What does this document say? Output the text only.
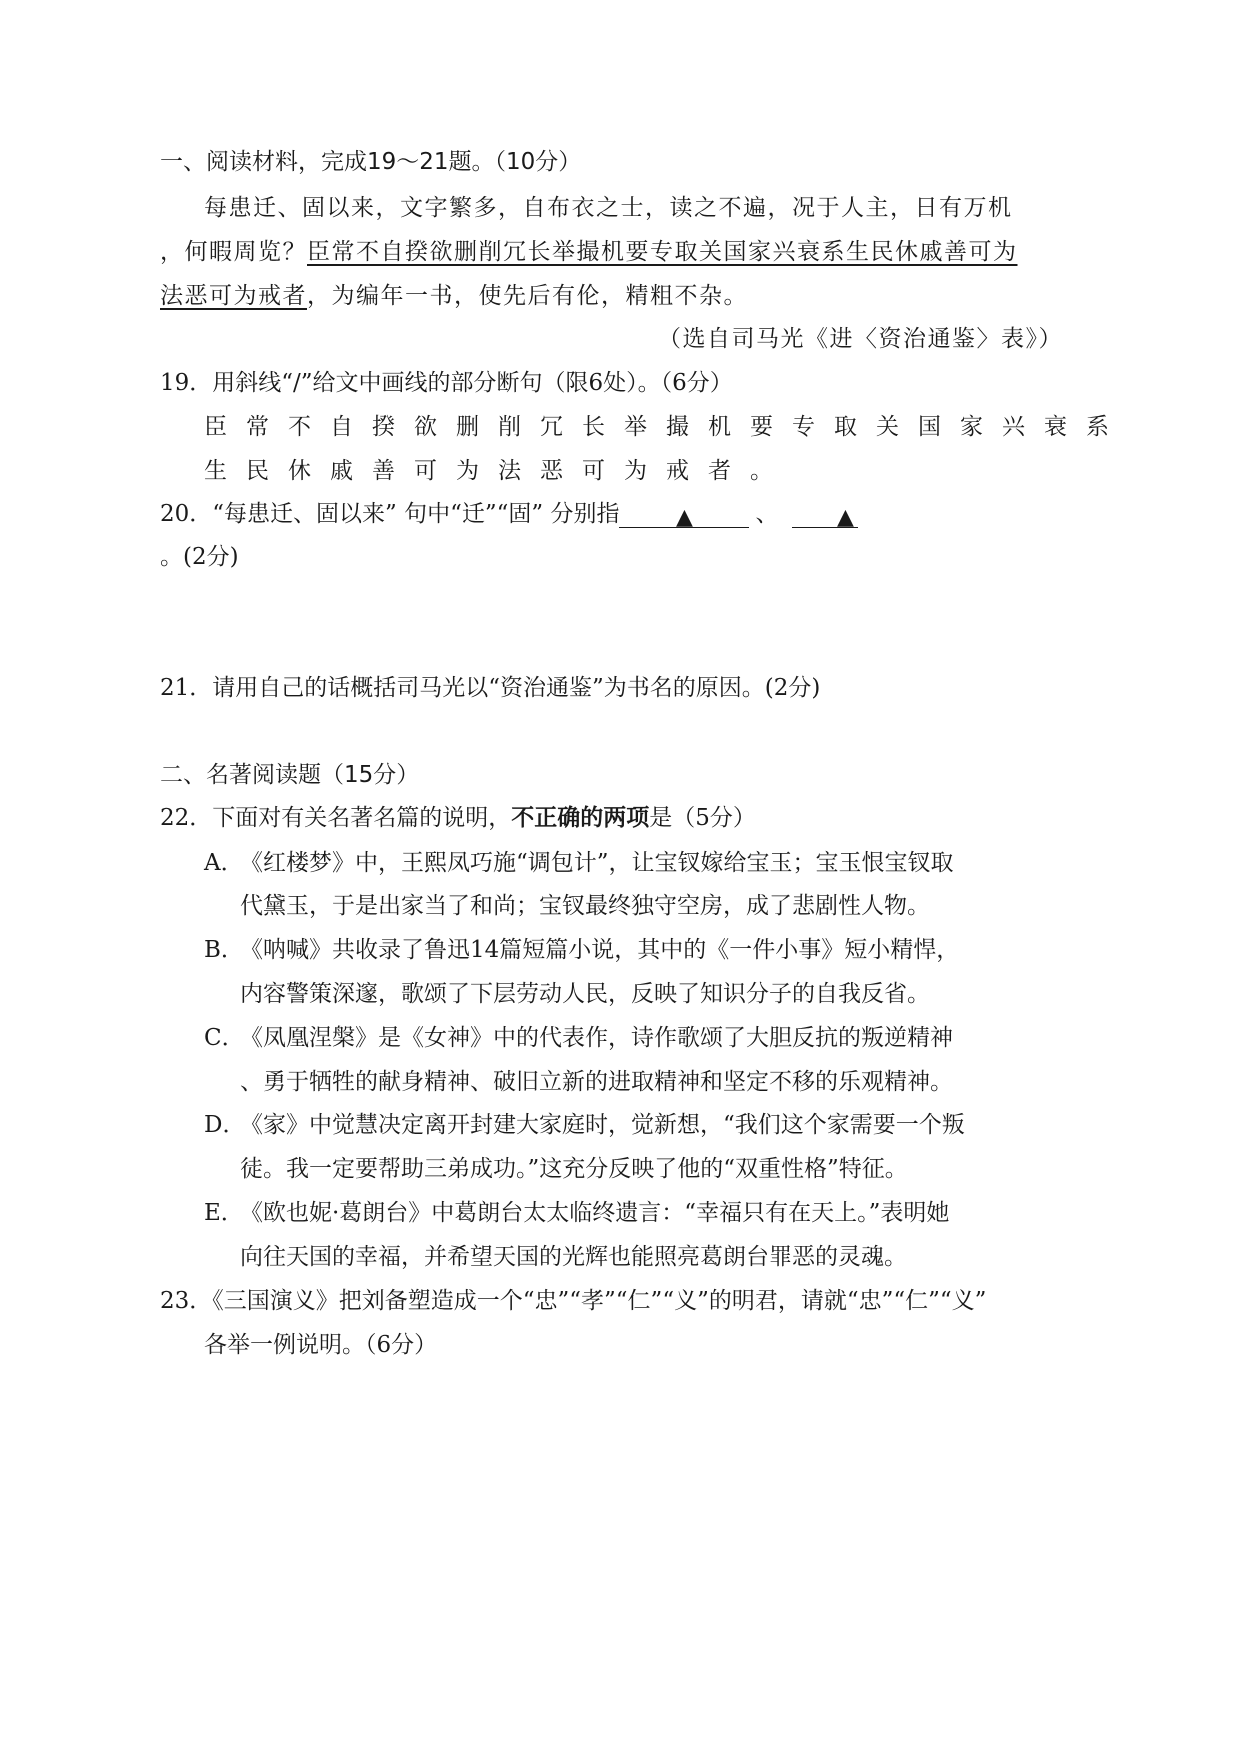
一、阅读材料，完成19～21题。（10分）
每患迁、固以来，文字繁多，自布衣之士，读之不遍，况于人主，日有万机
，何暇周览？臣常不自揆欲删削冗长举撮机要专取关国家兴衰系生民休戚善可为
法恶可为戒者，为编年一书，使先后有伦，精粗不杂。
（选自司马光《进〈资治通鉴〉表》）
19．用斜线“/”给文中画线的部分断句（限6处）。（6分）
臣常不自揆欲删削冗长举撮机要专取关国家兴衰系
生民休戚善可为法恶可为戒者。
20．“每患迁、固以来” 句中“迁”“固” 分别指	▲	、	▲
。(2分)
21．请用自己的话概括司马光以“资治通鉴”为书名的原因。(2分)
二、名著阅读题（15分）
22．下面对有关名著名篇的说明，不正确的两项是（5分）
A．
《红楼梦》中，王熙凤巧施“调包计”，让宝钗嫁给宝玉；宝玉恨宝钗取
代黛玉，于是出家当了和尚；宝钗最终独守空房，成了悲剧性人物。
B．
《呐喊》共收录了鲁迅14篇短篇小说，其中的《一件小事》短小精悍，
内容警策深邃，歌颂了下层劳动人民，反映了知识分子的自我反省。
C．
《凤凰涅槃》是《女神》中的代表作，诗作歌颂了大胆反抗的叛逆精神
、勇于牺牲的献身精神、破旧立新的进取精神和坚定不移的乐观精神。
D．
《家》中觉慧决定离开封建大家庭时，觉新想，“我们这个家需要一个叛
徒。我一定要帮助三弟成功。”这充分反映了他的“双重性格”特征。
E．
《欧也妮·葛朗台》中葛朗台太太临终遗言：“幸福只有在天上。”表明她
向往天国的幸福，并希望天国的光辉也能照亮葛朗台罪恶的灵魂。
23．《三国演义》把刘备塑造成一个“忠”“孝”“仁”“义”的明君，请就“忠”“仁”“义”
各举一例说明。（6分）
